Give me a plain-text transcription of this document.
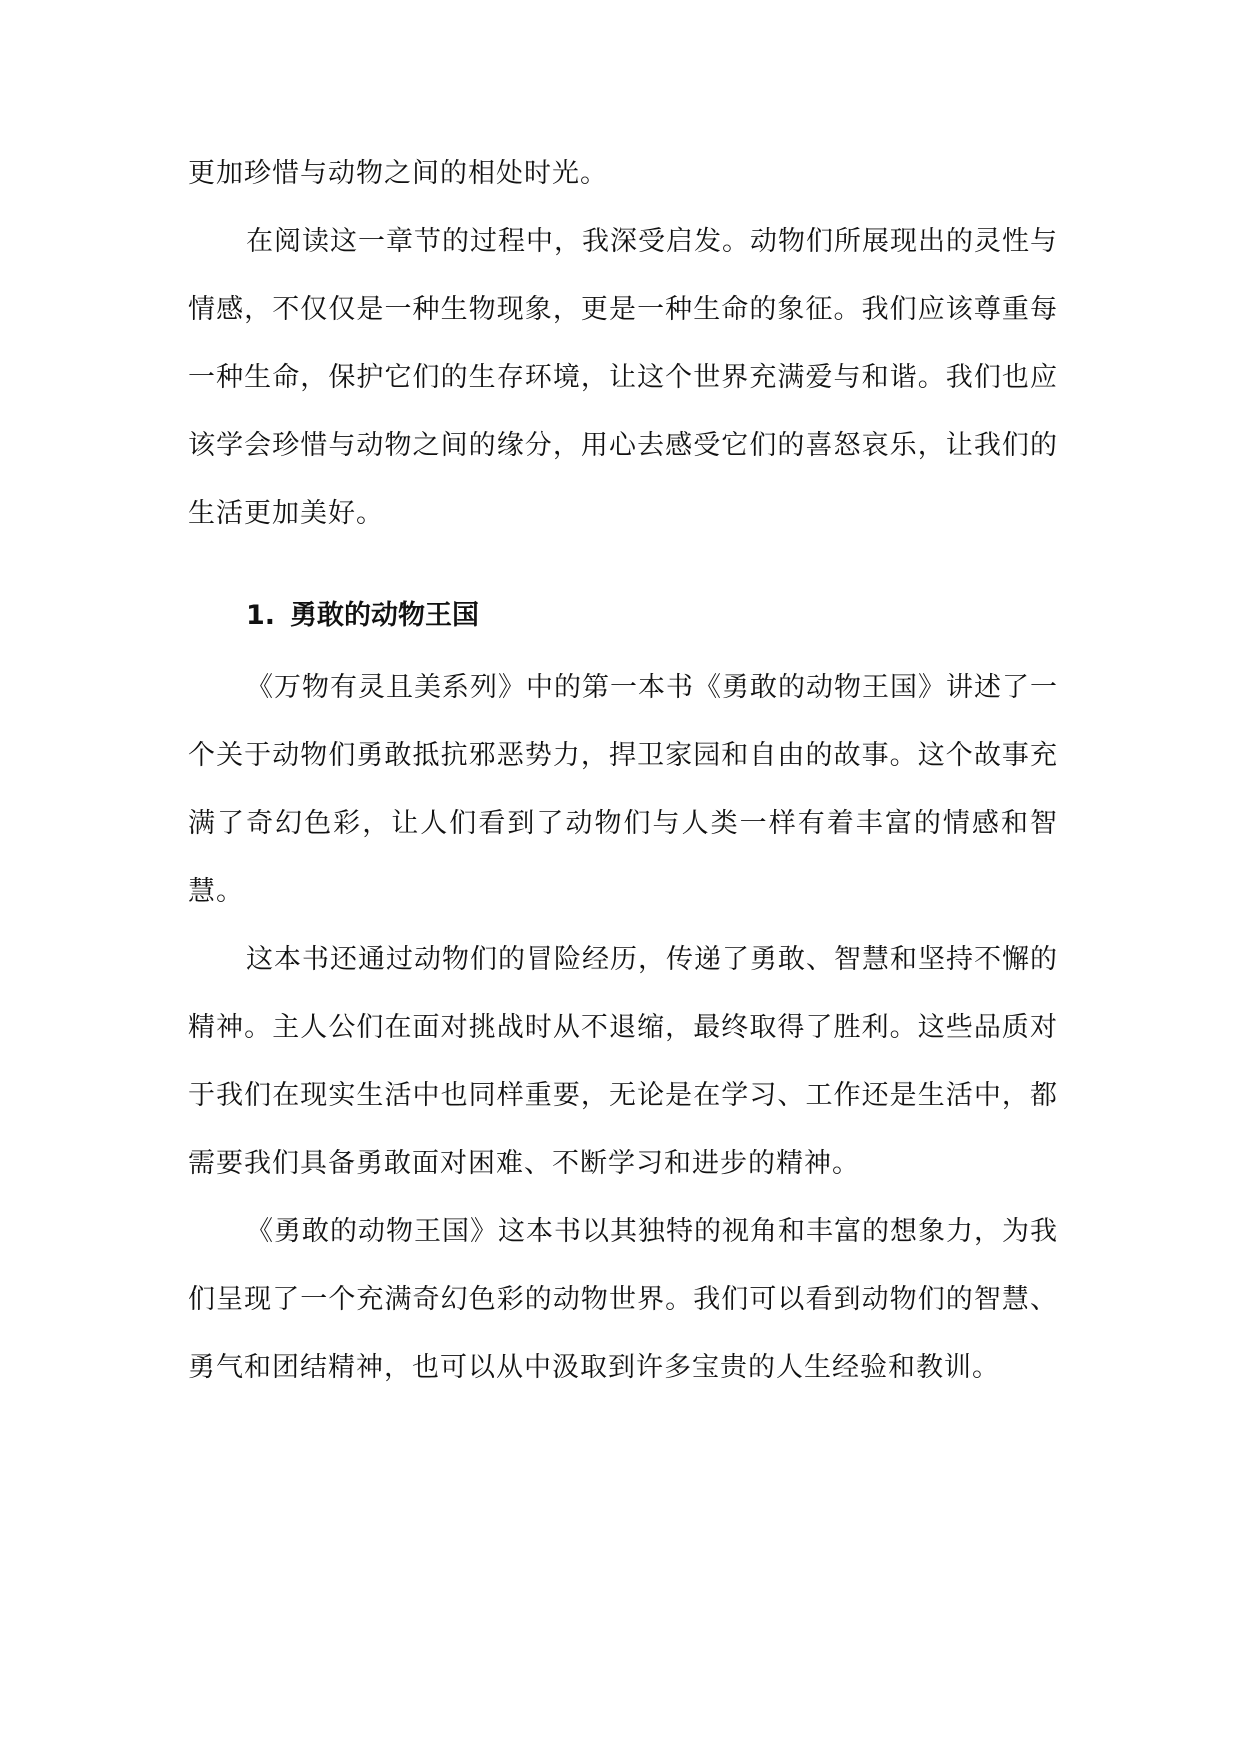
更加珍惜与动物之间的相处时光。

在阅读这一章节的过程中，我深受启发。动物们所展现出的灵性与情感，不仅仅是一种生物现象，更是一种生命的象征。我们应该尊重每一种生命，保护它们的生存环境，让这个世界充满爱与和谐。我们也应该学会珍惜与动物之间的缘分，用心去感受它们的喜怒哀乐，让我们的生活更加美好。

1. 勇敢的动物王国

《万物有灵且美系列》中的第一本书《勇敢的动物王国》讲述了一个关于动物们勇敢抵抗邪恶势力，捍卫家园和自由的故事。这个故事充满了奇幻色彩，让人们看到了动物们与人类一样有着丰富的情感和智慧。

这本书还通过动物们的冒险经历，传递了勇敢、智慧和坚持不懈的精神。主人公们在面对挑战时从不退缩，最终取得了胜利。这些品质对于我们在现实生活中也同样重要，无论是在学习、工作还是生活中，都需要我们具备勇敢面对困难、不断学习和进步的精神。

《勇敢的动物王国》这本书以其独特的视角和丰富的想象力，为我们呈现了一个充满奇幻色彩的动物世界。我们可以看到动物们的智慧、勇气和团结精神，也可以从中汲取到许多宝贵的人生经验和教训。
